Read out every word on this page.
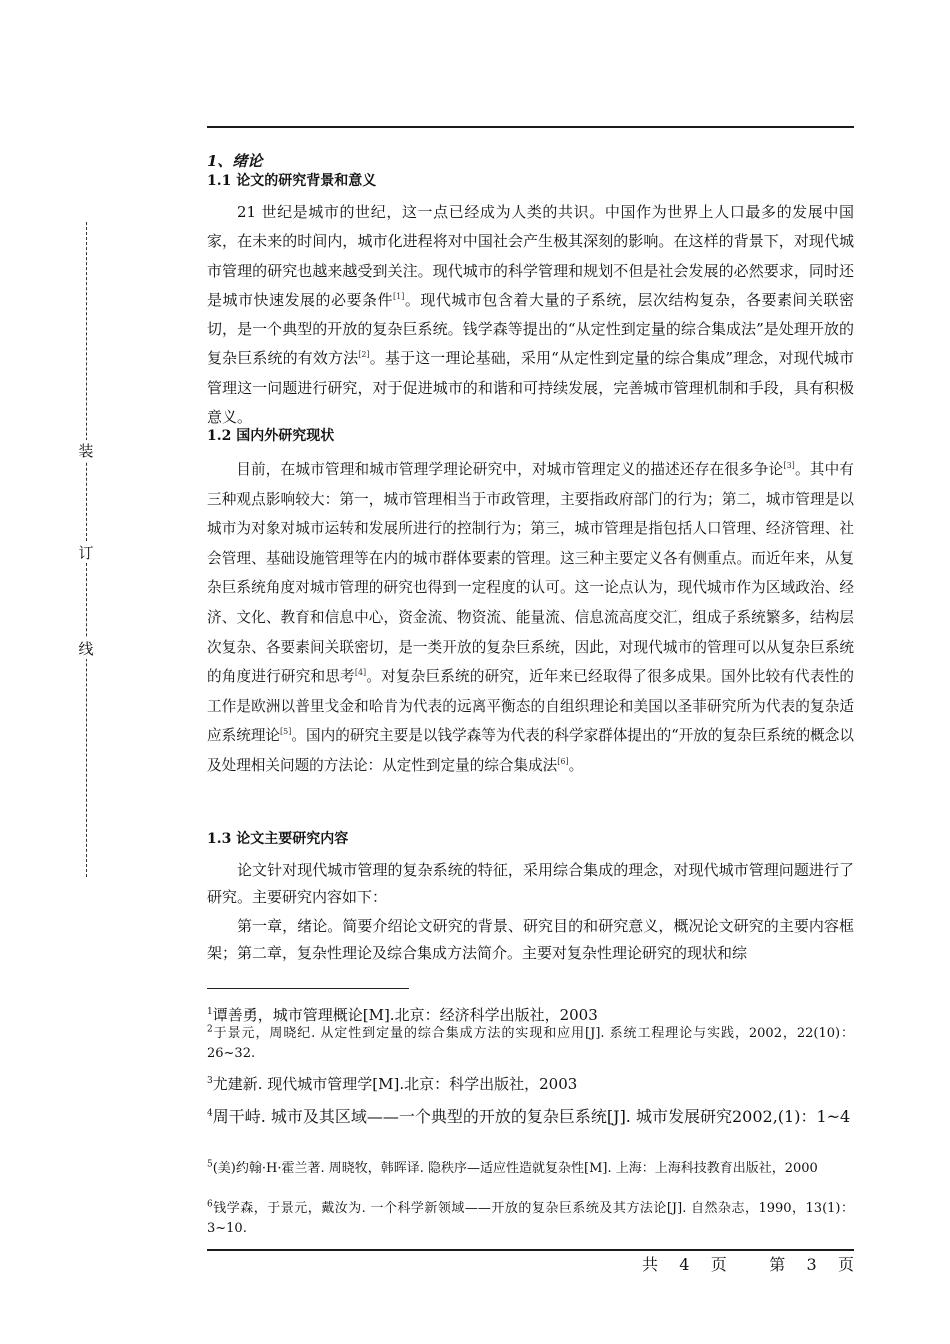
装
订
线
1、绪论
1.1 论文的研究背景和意义
21 世纪是城市的世纪，这一点已经成为人类的共识。中国作为世界上人口最多的发展中国家，在未来的时间内，城市化进程将对中国社会产生极其深刻的影响。在这样的背景下，对现代城市管理的研究也越来越受到关注。现代城市的科学管理和规划不但是社会发展的必然要求，同时还是城市快速发展的必要条件[1]。现代城市包含着大量的子系统，层次结构复杂，各要素间关联密切，是一个典型的开放的复杂巨系统。钱学森等提出的“从定性到定量的综合集成法”是处理开放的复杂巨系统的有效方法[2]。基于这一理论基础，采用“从定性到定量的综合集成”理念，对现代城市管理这一问题进行研究，对于促进城市的和谐和可持续发展，完善城市管理机制和手段，具有积极意义。
1.2 国内外研究现状
目前，在城市管理和城市管理学理论研究中，对城市管理定义的描述还存在很多争论[3]。其中有三种观点影响较大：第一，城市管理相当于市政管理，主要指政府部门的行为；第二，城市管理是以城市为对象对城市运转和发展所进行的控制行为；第三，城市管理是指包括人口管理、经济管理、社会管理、基础设施管理等在内的城市群体要素的管理。这三种主要定义各有侧重点。而近年来，从复杂巨系统角度对城市管理的研究也得到一定程度的认可。这一论点认为，现代城市作为区域政治、经济、文化、教育和信息中心，资金流、物资流、能量流、信息流高度交汇，组成子系统繁多，结构层次复杂、各要素间关联密切，是一类开放的复杂巨系统，因此，对现代城市的管理可以从复杂巨系统的角度进行研究和思考[4]。对复杂巨系统的研究，近年来已经取得了很多成果。国外比较有代表性的工作是欧洲以普里戈金和哈肯为代表的远离平衡态的自组织理论和美国以圣菲研究所为代表的复杂适应系统理论[5]。国内的研究主要是以钱学森等为代表的科学家群体提出的“开放的复杂巨系统的概念以及处理相关问题的方法论：从定性到定量的综合集成法[6]。
1.3 论文主要研究内容
论文针对现代城市管理的复杂系统的特征，采用综合集成的理念，对现代城市管理问题进行了研究。主要研究内容如下：
第一章，绪论。简要介绍论文研究的背景、研究目的和研究意义，概况论文研究的主要内容框架；第二章，复杂性理论及综合集成方法简介。主要对复杂性理论研究的现状和综
$^1$谭善勇，城市管理概论[M].北京：经济科学出版社，2003
$^2$于景元，周晓纪. 从定性到定量的综合集成方法的实现和应用[J]. 系统工程理论与实践，2002，22(10)：26~32.
$^3$尤建新. 现代城市管理学[M].北京：科学出版社，2003
$^4$周干峙. 城市及其区域——一个典型的开放的复杂巨系统[J]. 城市发展研究2002,(1)：1~4
$^5$(美)约翰·H·霍兰著. 周晓牧，韩晖译. 隐秩序—适应性造就复杂性[M]. 上海：上海科技教育出版社，2000
$^6$钱学森，于景元，戴汝为. 一个科学新领域——开放的复杂巨系统及其方法论[J]. 自然杂志，1990，13(1)：3~10.
共 4 页	第 3 页
